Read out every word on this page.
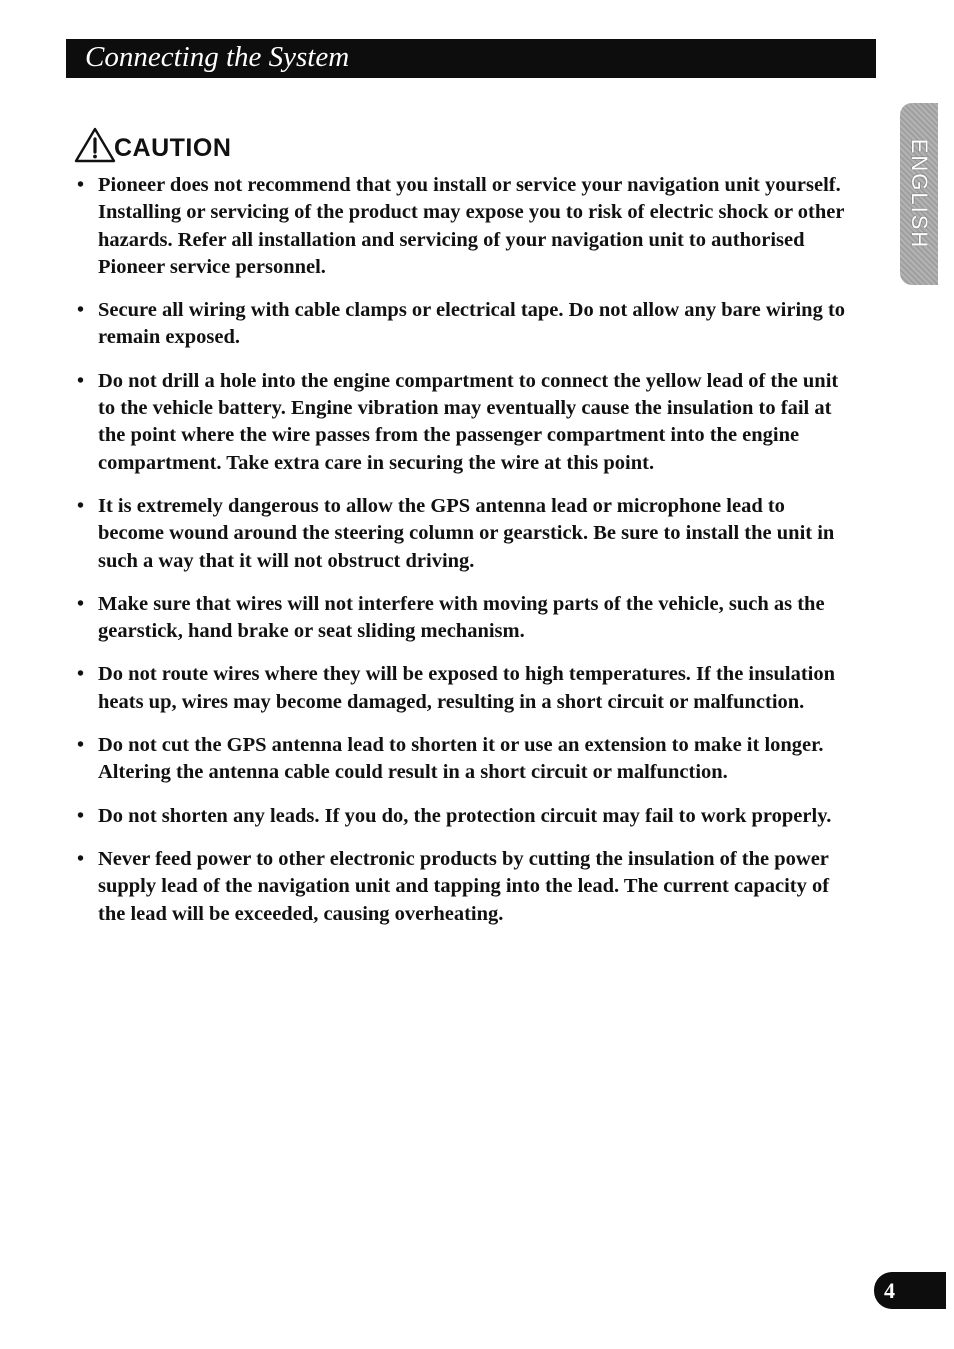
Connecting the System
CAUTION
• Pioneer does not recommend that you install or service your navigation unit yourself. Installing or servicing of the product may expose you to risk of electric shock or other hazards. Refer all installation and servicing of your navigation unit to authorised Pioneer service personnel.
• Secure all wiring with cable clamps or electrical tape. Do not allow any bare wiring to remain exposed.
• Do not drill a hole into the engine compartment to connect the yellow lead of the unit to the vehicle battery. Engine vibration may eventually cause the insulation to fail at the point where the wire passes from the passenger compartment into the engine compartment. Take extra care in securing the wire at this point.
• It is extremely dangerous to allow the GPS antenna lead or microphone lead to become wound around the steering column or gearstick. Be sure to install the unit in such a way that it will not obstruct driving.
• Make sure that wires will not interfere with moving parts of the vehicle, such as the gearstick, hand brake or seat sliding mechanism.
• Do not route wires where they will be exposed to high temperatures. If the insulation heats up, wires may become damaged, resulting in a short circuit or malfunction.
• Do not cut the GPS antenna lead to shorten it or use an extension to make it longer. Altering the antenna cable could result in a short circuit or malfunction.
• Do not shorten any leads. If you do, the protection circuit may fail to work properly.
• Never feed power to other electronic products by cutting the insulation of the power supply lead of the navigation unit and tapping into the lead. The current capacity of the lead will be exceeded, causing overheating.
ENGLISH
4
